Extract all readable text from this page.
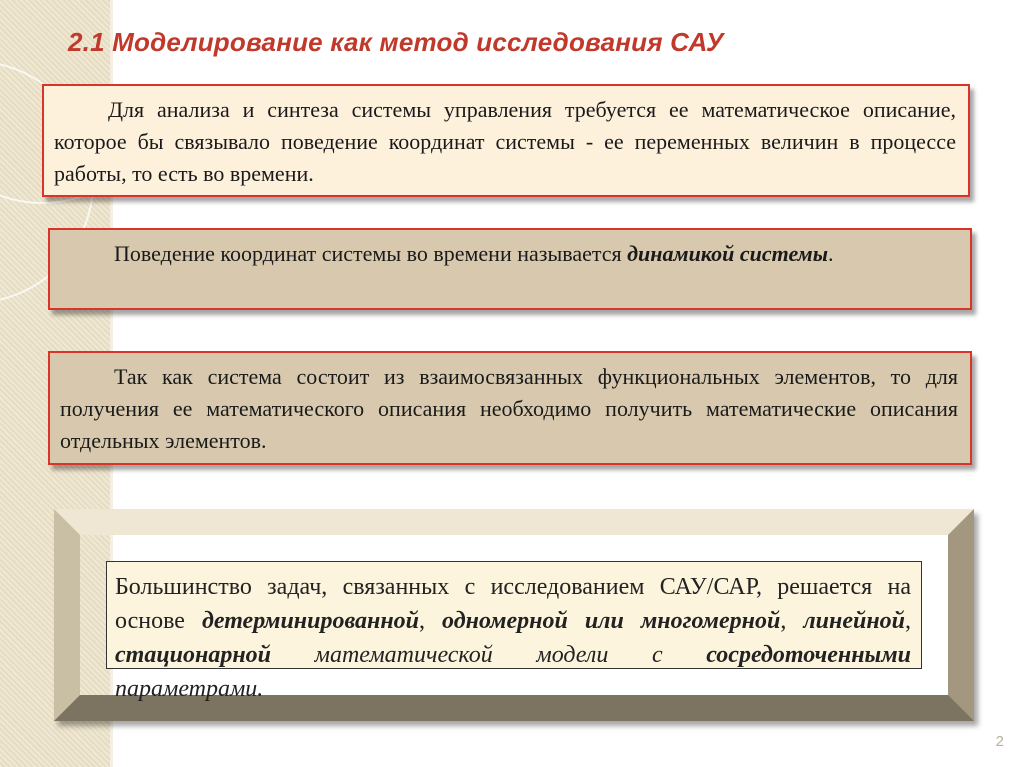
2.1 Моделирование как метод исследования САУ

Для анализа и синтеза системы управления требуется ее математическое описание, которое бы связывало поведение координат системы - ее переменных величин в процессе работы, то есть во времени.

Поведение координат системы во времени называется динамикой системы.

Так как система состоит из взаимосвязанных функциональных элементов, то для получения ее математического описания необходимо получить математические описания отдельных элементов.

Большинство задач, связанных с исследованием САУ/САР, решается на основе детерминированной, одномерной или многомерной, линейной, стационарной математической модели с сосредоточенными параметрами.
2
